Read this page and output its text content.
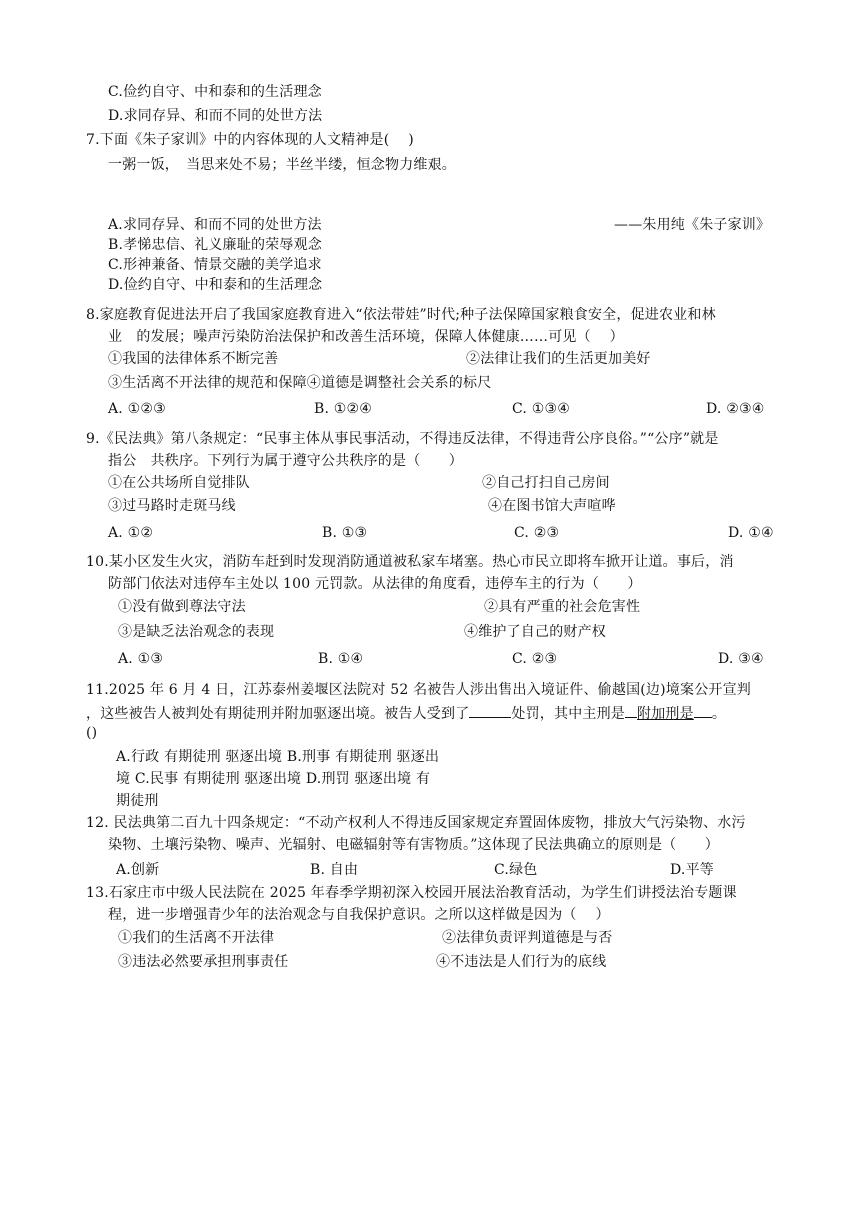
C.俭约自守、中和泰和的生活理念
D.求同存异、和而不同的处世方法
7.下面《朱子家训》中的内容体现的人文精神是(　 )
一粥一饭，　当思来处不易；半丝半缕，恒念物力维艰。
A.求同存异、和而不同的处世方法	——朱用纯《朱子家训》
B.孝悌忠信、礼义廉耻的荣辱观念
C.形神兼备、情景交融的美学追求
D.俭约自守、中和泰和的生活理念
8.家庭教育促进法开启了我国家庭教育进入“依法带娃”时代;种子法保障国家粮食安全，促进农业和林
业　的发展；噪声污染防治法保护和改善生活环境，保障人体健康……可见（　 ）
①我国的法律体系不断完善	②法律让我们的生活更加美好
③生活离不开法律的规范和保障④道德是调整社会关系的标尺
A. ①②③	B. ①②④	C. ①③④	D. ②③④
9.《民法典》第八条规定：“民事主体从事民事活动，不得违反法律，不得违背公序良俗。”“公序”就是
指公　共秩序。下列行为属于遵守公共秩序的是（　　）
①在公共场所自觉排队	②自己打扫自己房间
③过马路时走斑马线	④在图书馆大声喧哗
A. ①②	B. ①③	C. ②③	D. ①④
10.某小区发生火灾，消防车赶到时发现消防通道被私家车堵塞。热心市民立即将车掀开让道。事后，消
防部门依法对违停车主处以 100 元罚款。从法律的角度看，违停车主的行为（　　）
①没有做到尊法守法	②具有严重的社会危害性
③是缺乏法治观念的表现	④维护了自己的财产权
A. ①③	B. ①④	C. ②③	D. ③④
11.2025 年 6 月 4 日，江苏泰州姜堰区法院对 52 名被告人涉出售出入境证件、偷越国(边)境案公开宣判
，这些被告人被判处有期徒刑并附加驱逐出境。被告人受到了	处罚，其中主刑是 附加刑是 。
()
A.行政 有期徒刑 驱逐出境 B.刑事 有期徒刑 驱逐出
境 C.民事 有期徒刑 驱逐出境 D.刑罚 驱逐出境 有
期徒刑
12. 民法典第二百九十四条规定：“不动产权利人不得违反国家规定弃置固体废物，排放大气污染物、水污
染物、土壤污染物、噪声、光辐射、电磁辐射等有害物质。”这体现了民法典确立的原则是（　　）
A.创新	B. 自由	C.绿色	D.平等
13.石家庄市中级人民法院在 2025 年春季学期初深入校园开展法治教育活动，为学生们讲授法治专题课
程，进一步增强青少年的法治观念与自我保护意识。之所以这样做是因为（　 ）
①我们的生活离不开法律	②法律负责评判道德是与否
③违法必然要承担刑事责任	④不违法是人们行为的底线
